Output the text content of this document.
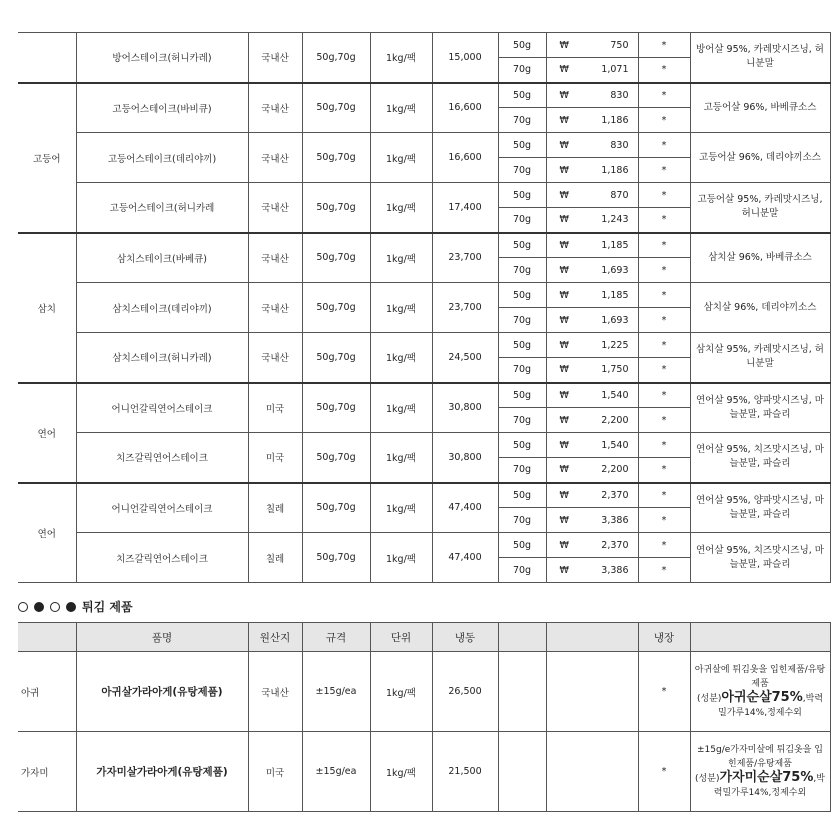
	방어스테이크(허니카레)	국내산	50g,70g	1kg/팩	15,000	50g	₩ 750	*	방어살 95%, 카레맛시즈닝, 허니분말
						70g	₩ 1,071	*	
고등어	고등어스테이크(바비큐)	국내산	50g,70g	1kg/팩	16,600	50g	₩ 830	*	고등어살 96%, 바베큐소스
						70g	₩ 1,186	*	
	고등어스테이크(데리야끼)	국내산	50g,70g	1kg/팩	16,600	50g	₩ 830	*	고등어살 96%, 데리야끼소스
						70g	₩ 1,186	*	
	고등어스테이크(허니카레	국내산	50g,70g	1kg/팩	17,400	50g	₩ 870	*	고등어살 95%, 카레맛시즈닝, 허니분말
						70g	₩ 1,243	*	
삼치	삼치스테이크(바베큐)	국내산	50g,70g	1kg/팩	23,700	50g	₩ 1,185	*	삼치살 96%, 바베큐소스
						70g	₩ 1,693	*	
	삼치스테이크(데리야끼)	국내산	50g,70g	1kg/팩	23,700	50g	₩ 1,185	*	삼치살 96%, 데리야끼소스
						70g	₩ 1,693	*	
	삼치스테이크(허니카레)	국내산	50g,70g	1kg/팩	24,500	50g	₩ 1,225	*	삼치살 95%, 카레맛시즈닝, 허니분말
						70g	₩ 1,750	*	
연어	어니언갈릭연어스테이크	미국	50g,70g	1kg/팩	30,800	50g	₩ 1,540	*	연어살 95%, 양파맛시즈닝, 마늘분말, 파슬리
						70g	₩ 2,200	*	
	치즈갈릭연어스테이크	미국	50g,70g	1kg/팩	30,800	50g	₩ 1,540	*	연어살 95%, 치즈맛시즈닝, 마늘분말, 파슬리
						70g	₩ 2,200	*	
연어	어니언갈릭연어스테이크	칠레	50g,70g	1kg/팩	47,400	50g	₩ 2,370	*	연어살 95%, 양파맛시즈닝, 마늘분말, 파슬리
						70g	₩ 3,386	*	
	치즈갈릭연어스테이크	칠레	50g,70g	1kg/팩	47,400	50g	₩ 2,370	*	연어살 95%, 치즈맛시즈닝, 마늘분말, 파슬리
						70g	₩ 3,386	*	
튀김 제품
	품명	원산지	규격	단위	냉동			냉장	
아귀	아귀살가라아게(유탕제품)	국내산	±15g/ea	1kg/팩	26,500			*	아귀살에 튀김옷을 입힌제품/유탕제품
(성분)아귀순살75%,박력밀가루14%,정제수외

가자미	가자미살가라아게(유탕제품)	미국	±15g/ea	1kg/팩	21,500			*	±15g/e가자미살에 튀김옷을 입힌제품/유탕제품
(성분)가자미순살75%,박력밀가루14%,정제수외
